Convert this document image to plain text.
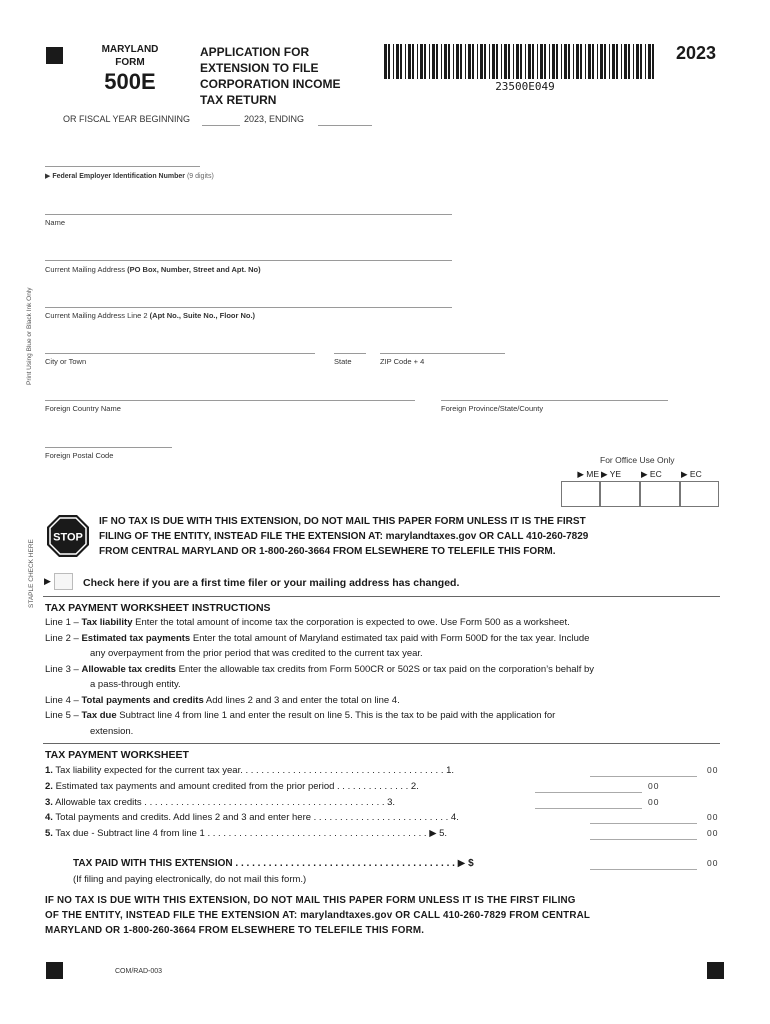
MARYLAND
FORM
500E
APPLICATION FOR
EXTENSION TO FILE
CORPORATION INCOME
TAX RETURN
23500E049
2023
OR FISCAL YEAR BEGINNING	2023, ENDING
Print Using Blue or Black Ink Only
STAPLE CHECK HERE
▶ Federal Employer Identification Number (9 digits)
Name
Current Mailing Address (PO Box, Number, Street and Apt. No)
Current Mailing Address Line 2 (Apt No., Suite No., Floor No.)
City or Town	State	ZIP Code + 4
Foreign Country Name	Foreign Province/State/County
Foreign Postal Code	For Office Use Only
▶ ME ▶ YE ▶ EC ▶ EC
STOP
IF NO TAX IS DUE WITH THIS EXTENSION, DO NOT MAIL THIS PAPER FORM UNLESS IT IS THE FIRST
FILING OF THE ENTITY, INSTEAD FILE THE EXTENSION AT: marylandtaxes.gov OR CALL 410-260-7829
FROM CENTRAL MARYLAND OR 1-800-260-3664 FROM ELSEWHERE TO TELEFILE THIS FORM.
▶	Check here if you are a first time filer or your mailing address has changed.
TAX PAYMENT WORKSHEET INSTRUCTIONS
Line 1 – Tax liability Enter the total amount of income tax the corporation is expected to owe. Use Form 500 as a worksheet.
Line 2 – Estimated tax payments Enter the total amount of Maryland estimated tax paid with Form 500D for the tax year. Include
any overpayment from the prior period that was credited to the current tax year.
Line 3 – Allowable tax credits Enter the allowable tax credits from Form 500CR or 502S or tax paid on the corporation’s behalf by
a pass-through entity.
Line 4 – Total payments and credits Add lines 2 and 3 and enter the total on line 4.
Line 5 – Tax due Subtract line 4 from line 1 and enter the result on line 5. This is the tax to be paid with the application for
extension.
TAX PAYMENT WORKSHEET
1. Tax liability expected for the current tax year. . . . . . . . . . . . . . . . . . . . . . . . . . . . . . . . . . . . . . . 1.	00
2. Estimated tax payments and amount credited from the prior period . . . . . . . . . . . . . . 2.	00
3. Allowable tax credits . . . . . . . . . . . . . . . . . . . . . . . . . . . . . . . . . . . . . . . . . . . . . . 3.	00
4. Total payments and credits. Add lines 2 and 3 and enter here . . . . . . . . . . . . . . . . . . . . . . . . . . 4.	00
5. Tax due - Subtract line 4 from line 1 . . . . . . . . . . . . . . . . . . . . . . . . . . . . . . . . . . . . . . . . . . ▶ 5.	00
TAX PAID WITH THIS EXTENSION . . . . . . . . . . . . . . . . . . . . . . . . . . . . . . . . . . . . . . . . ▶ $	00
(If filing and paying electronically, do not mail this form.)
IF NO TAX IS DUE WITH THIS EXTENSION, DO NOT MAIL THIS PAPER FORM UNLESS IT IS THE FIRST FILING
OF THE ENTITY, INSTEAD FILE THE EXTENSION AT: marylandtaxes.gov OR CALL 410-260-7829 FROM CENTRAL
MARYLAND OR 1-800-260-3664 FROM ELSEWHERE TO TELEFILE THIS FORM.
COM/RAD-003
